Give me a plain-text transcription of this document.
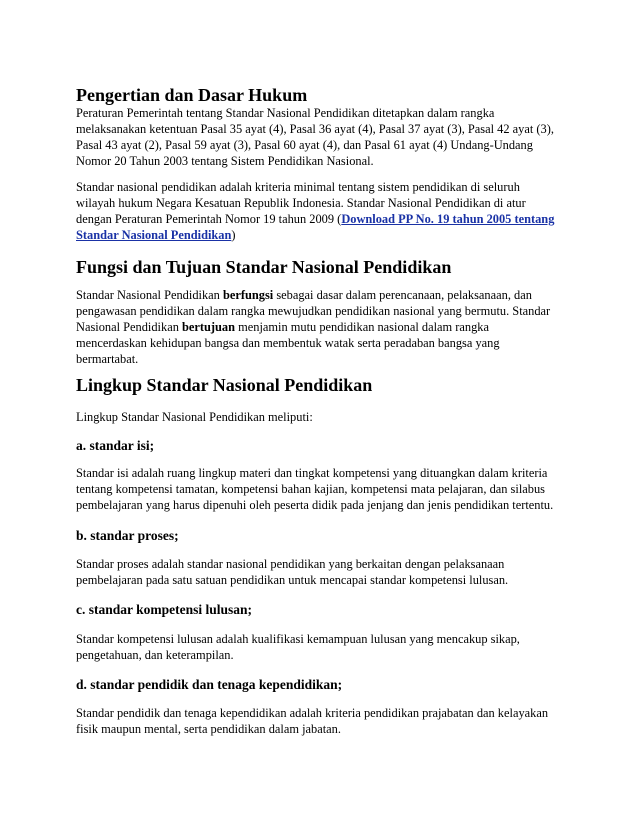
Pengertian dan Dasar Hukum
Peraturan Pemerintah tentang Standar Nasional Pendidikan ditetapkan dalam rangka
melaksanakan ketentuan Pasal 35 ayat (4), Pasal 36 ayat (4), Pasal 37 ayat (3), Pasal 42 ayat (3),
Pasal 43 ayat (2), Pasal 59 ayat (3), Pasal 60 ayat (4), dan Pasal 61 ayat (4) Undang-Undang
Nomor 20 Tahun 2003 tentang Sistem Pendidikan Nasional.
Standar nasional pendidikan adalah kriteria minimal tentang sistem pendidikan di seluruh
wilayah hukum Negara Kesatuan Republik Indonesia. Standar Nasional Pendidikan di atur
dengan Peraturan Pemerintah Nomor 19 tahun 2009 (Download PP No. 19 tahun 2005 tentang
Standar Nasional Pendidikan)
Fungsi dan Tujuan Standar Nasional Pendidikan
Standar Nasional Pendidikan berfungsi sebagai dasar dalam perencanaan, pelaksanaan, dan
pengawasan pendidikan dalam rangka mewujudkan pendidikan nasional yang bermutu. Standar
Nasional Pendidikan bertujuan menjamin mutu pendidikan nasional dalam rangka
mencerdaskan kehidupan bangsa dan membentuk watak serta peradaban bangsa yang
bermartabat.
Lingkup Standar Nasional Pendidikan
Lingkup Standar Nasional Pendidikan meliputi:
a. standar isi;
Standar isi adalah ruang lingkup materi dan tingkat kompetensi yang dituangkan dalam kriteria
tentang kompetensi tamatan, kompetensi bahan kajian, kompetensi mata pelajaran, dan silabus
pembelajaran yang harus dipenuhi oleh peserta didik pada jenjang dan jenis pendidikan tertentu.
b. standar proses;
Standar proses adalah standar nasional pendidikan yang berkaitan dengan pelaksanaan
pembelajaran pada satu satuan pendidikan untuk mencapai standar kompetensi lulusan.
c. standar kompetensi lulusan;
Standar kompetensi lulusan adalah kualifikasi kemampuan lulusan yang mencakup sikap,
pengetahuan, dan keterampilan.
d. standar pendidik dan tenaga kependidikan;
Standar pendidik dan tenaga kependidikan adalah kriteria pendidikan prajabatan dan kelayakan
fisik maupun mental, serta pendidikan dalam jabatan.
